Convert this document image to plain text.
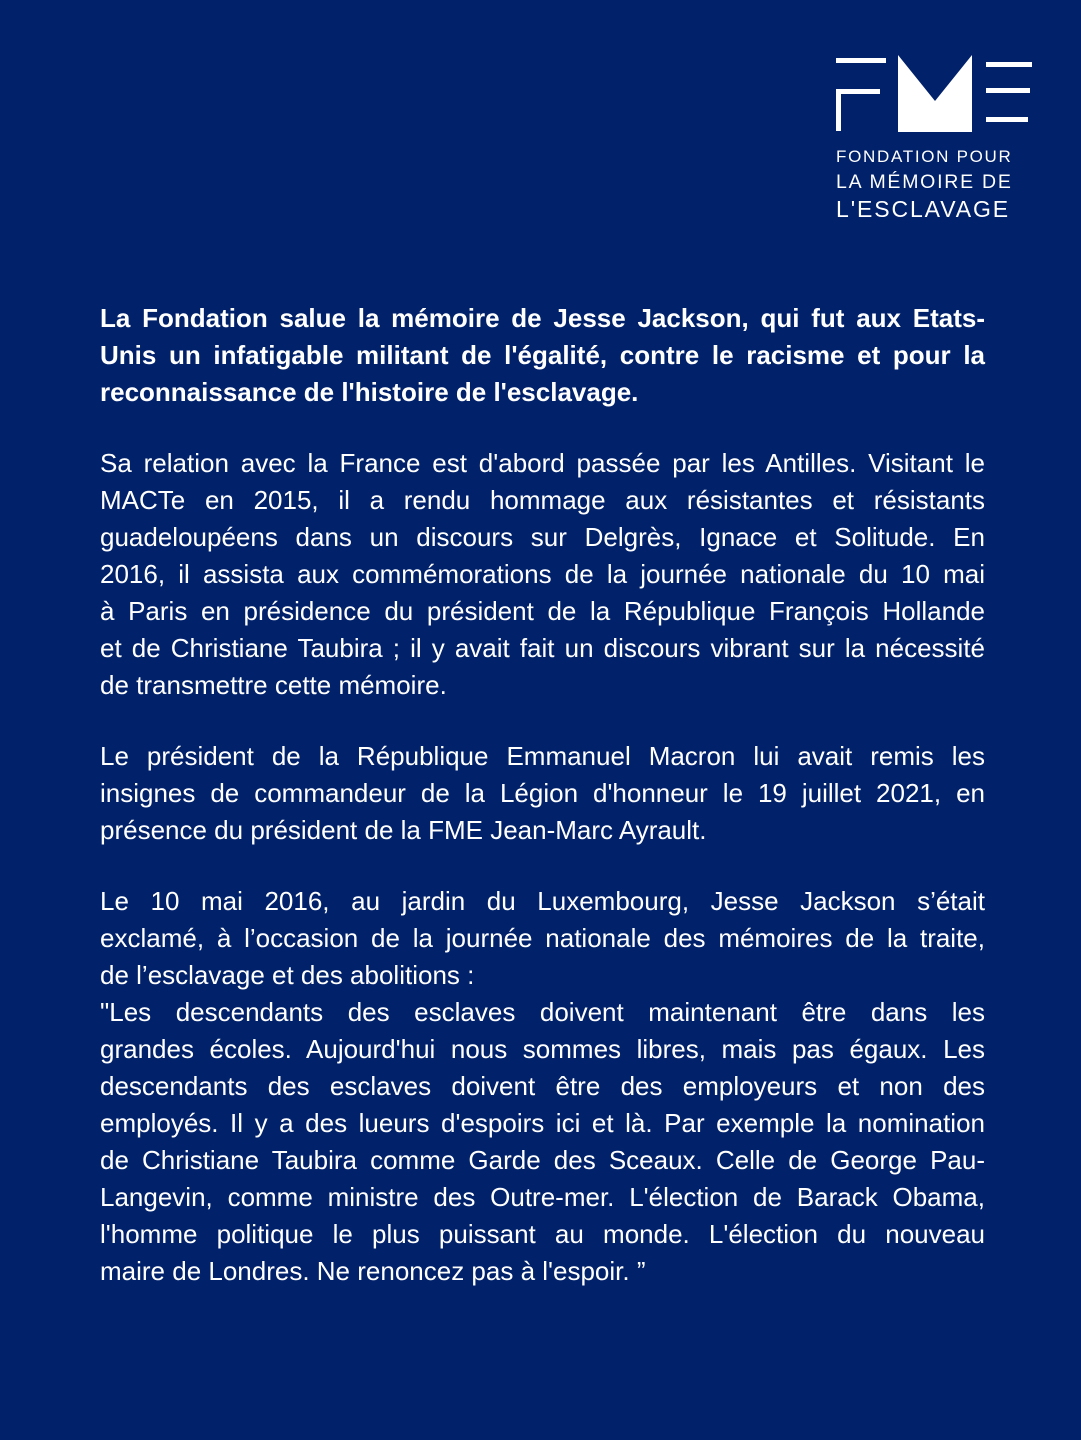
FONDATION POUR
LA MÉMOIRE DE
L'ESCLAVAGE
La Fondation salue la mémoire de Jesse Jackson, qui fut aux Etats-
Unis un infatigable militant de l'égalité, contre le racisme et pour la
reconnaissance de l'histoire de l'esclavage.
Sa relation avec la France est d'abord passée par les Antilles. Visitant le
MACTe en 2015, il a rendu hommage aux résistantes et résistants
guadeloupéens dans un discours sur Delgrès, Ignace et Solitude. En
2016, il assista aux commémorations de la journée nationale du 10 mai
à Paris en présidence du président de la République François Hollande
et de Christiane Taubira ; il y avait fait un discours vibrant sur la nécessité
de transmettre cette mémoire.
Le président de la République Emmanuel Macron lui avait remis les
insignes de commandeur de la Légion d'honneur le 19 juillet 2021, en
présence du président de la FME Jean-Marc Ayrault.
Le 10 mai 2016, au jardin du Luxembourg, Jesse Jackson s’était
exclamé, à l’occasion de la journée nationale des mémoires de la traite,
de l’esclavage et des abolitions :
"Les descendants des esclaves doivent maintenant être dans les
grandes écoles. Aujourd'hui nous sommes libres, mais pas égaux. Les
descendants des esclaves doivent être des employeurs et non des
employés. Il y a des lueurs d'espoirs ici et là. Par exemple la nomination
de Christiane Taubira comme Garde des Sceaux. Celle de George Pau-
Langevin, comme ministre des Outre-mer. L'élection de Barack Obama,
l'homme politique le plus puissant au monde. L'élection du nouveau
maire de Londres. Ne renoncez pas à l'espoir. ”
